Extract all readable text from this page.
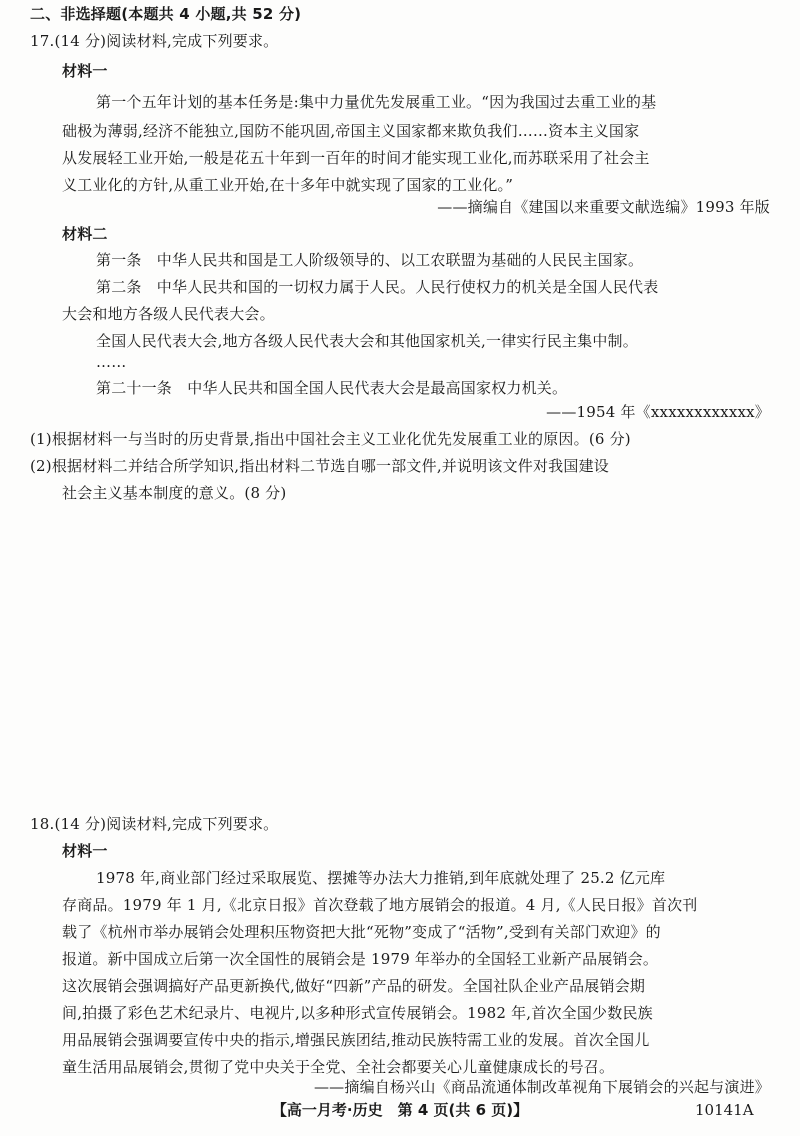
二、非选择题(本题共 4 小题,共 52 分)
17.(14 分)阅读材料,完成下列要求。
材料一
第一个五年计划的基本任务是:集中力量优先发展重工业。“因为我国过去重工业的基
础极为薄弱,经济不能独立,国防不能巩固,帝国主义国家都来欺负我们……资本主义国家
从发展轻工业开始,一般是花五十年到一百年的时间才能实现工业化,而苏联采用了社会主
义工业化的方针,从重工业开始,在十多年中就实现了国家的工业化。”
——摘编自《建国以来重要文献选编》1993 年版
材料二
第一条　中华人民共和国是工人阶级领导的、以工农联盟为基础的人民民主国家。
第二条　中华人民共和国的一切权力属于人民。人民行使权力的机关是全国人民代表
大会和地方各级人民代表大会。
全国人民代表大会,地方各级人民代表大会和其他国家机关,一律实行民主集中制。
……
第二十一条　中华人民共和国全国人民代表大会是最高国家权力机关。
——1954 年《xxxxxxxxxxxx》
(1)根据材料一与当时的历史背景,指出中国社会主义工业化优先发展重工业的原因。(6 分)
(2)根据材料二并结合所学知识,指出材料二节选自哪一部文件,并说明该文件对我国建设
社会主义基本制度的意义。(8 分)
18.(14 分)阅读材料,完成下列要求。
材料一
1978 年,商业部门经过采取展览、摆摊等办法大力推销,到年底就处理了 25.2 亿元库
存商品。1979 年 1 月,《北京日报》首次登载了地方展销会的报道。4 月,《人民日报》首次刊
载了《杭州市举办展销会处理积压物资把大批“死物”变成了“活物”,受到有关部门欢迎》的
报道。新中国成立后第一次全国性的展销会是 1979 年举办的全国轻工业新产品展销会。
这次展销会强调搞好产品更新换代,做好“四新”产品的研发。全国社队企业产品展销会期
间,拍摄了彩色艺术纪录片、电视片,以多种形式宣传展销会。1982 年,首次全国少数民族
用品展销会强调要宣传中央的指示,增强民族团结,推动民族特需工业的发展。首次全国儿
童生活用品展销会,贯彻了党中央关于全党、全社会都要关心儿童健康成长的号召。
——摘编自杨兴山《商品流通体制改革视角下展销会的兴起与演进》
【高一月考·历史　第 4 页(共 6 页)】	10141A
